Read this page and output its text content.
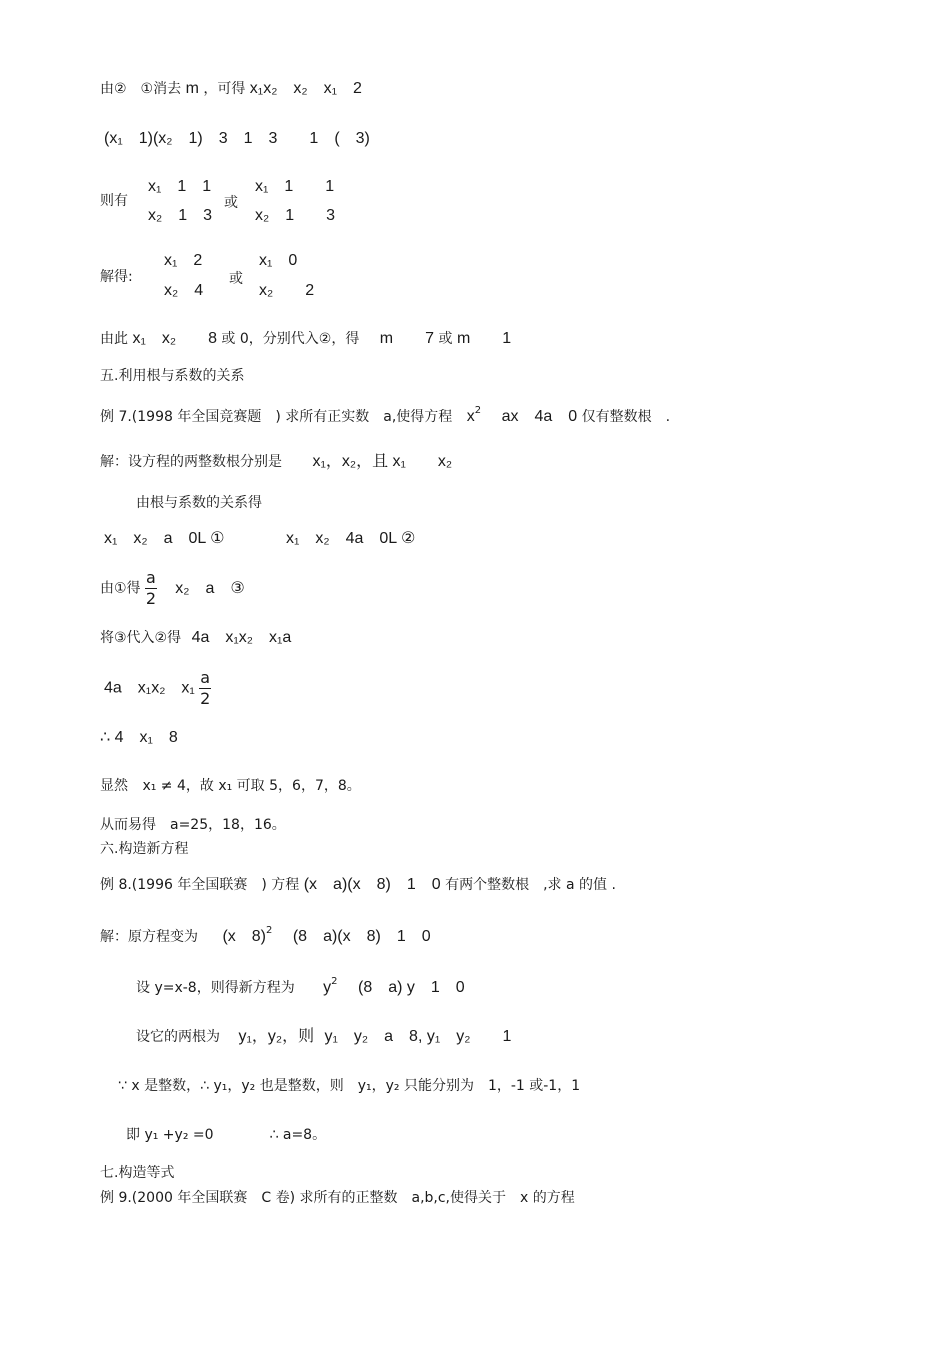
由②　①消去 m ，可得 x₁x₂　x₂　x₁　2
(x₁　1)(x₂　1)　3　1　3　　1　(　3)
则有
x₁　1　1
x₂　1　3
或
x₁　1　　1
x₂　1　　3
解得:
x₁　2
x₂　4
或
x₁　0
x₂　　2
由此 x₁　x₂　　8 或 0，分别代入②，得 m　　7 或 m　　1
五.利用根与系数的关系
例 7.(1998 年全国竞赛题　) 求所有正实数　a,使得方程 $x^2$ 　ax　4a　0 仅有整数根　.
解：设方程的两整数根分别是 x₁，x₂，且 x₁　　x₂
由根与系数的关系得
x₁　x₂　a　0L ①	x₁　x₂　4a　0L ②
由①得 $\frac{a}{2} x_2$　a　③
将③代入②得 4a　x₁x₂　x₁a
4a　x₁x₂　$x_1 \frac{a}{2}$
∴ 4　x₁　8
显然 x₁ ≠ 4，故 x₁ 可取 5，6，7，8。
从而易得　a=25，18，16。
六.构造新方程
例 8.(1996 年全国联赛　) 方程 (x　a)(x　8)　1　0 有两个整数根　,求 a 的值 .
解：原方程变为 (x　8)$^2$ 　(8　a)(x　8)　1　0
设 y=x-8，则得新方程为 $y^2$ 　(8　a) y　1　0
设它的两根为 y₁，y₂，则 y₁　y₂　a　8, y₁　y₂　　1
∵ x 是整数，∴ y₁，y₂ 也是整数，则　y₁，y₂ 只能分别为　1，-1 或-1，1
即 y₁ +y₂ =0　　　　∴ a=8。
七.构造等式
例 9.(2000 年全国联赛　C 卷) 求所有的正整数　a,b,c,使得关于　x 的方程
